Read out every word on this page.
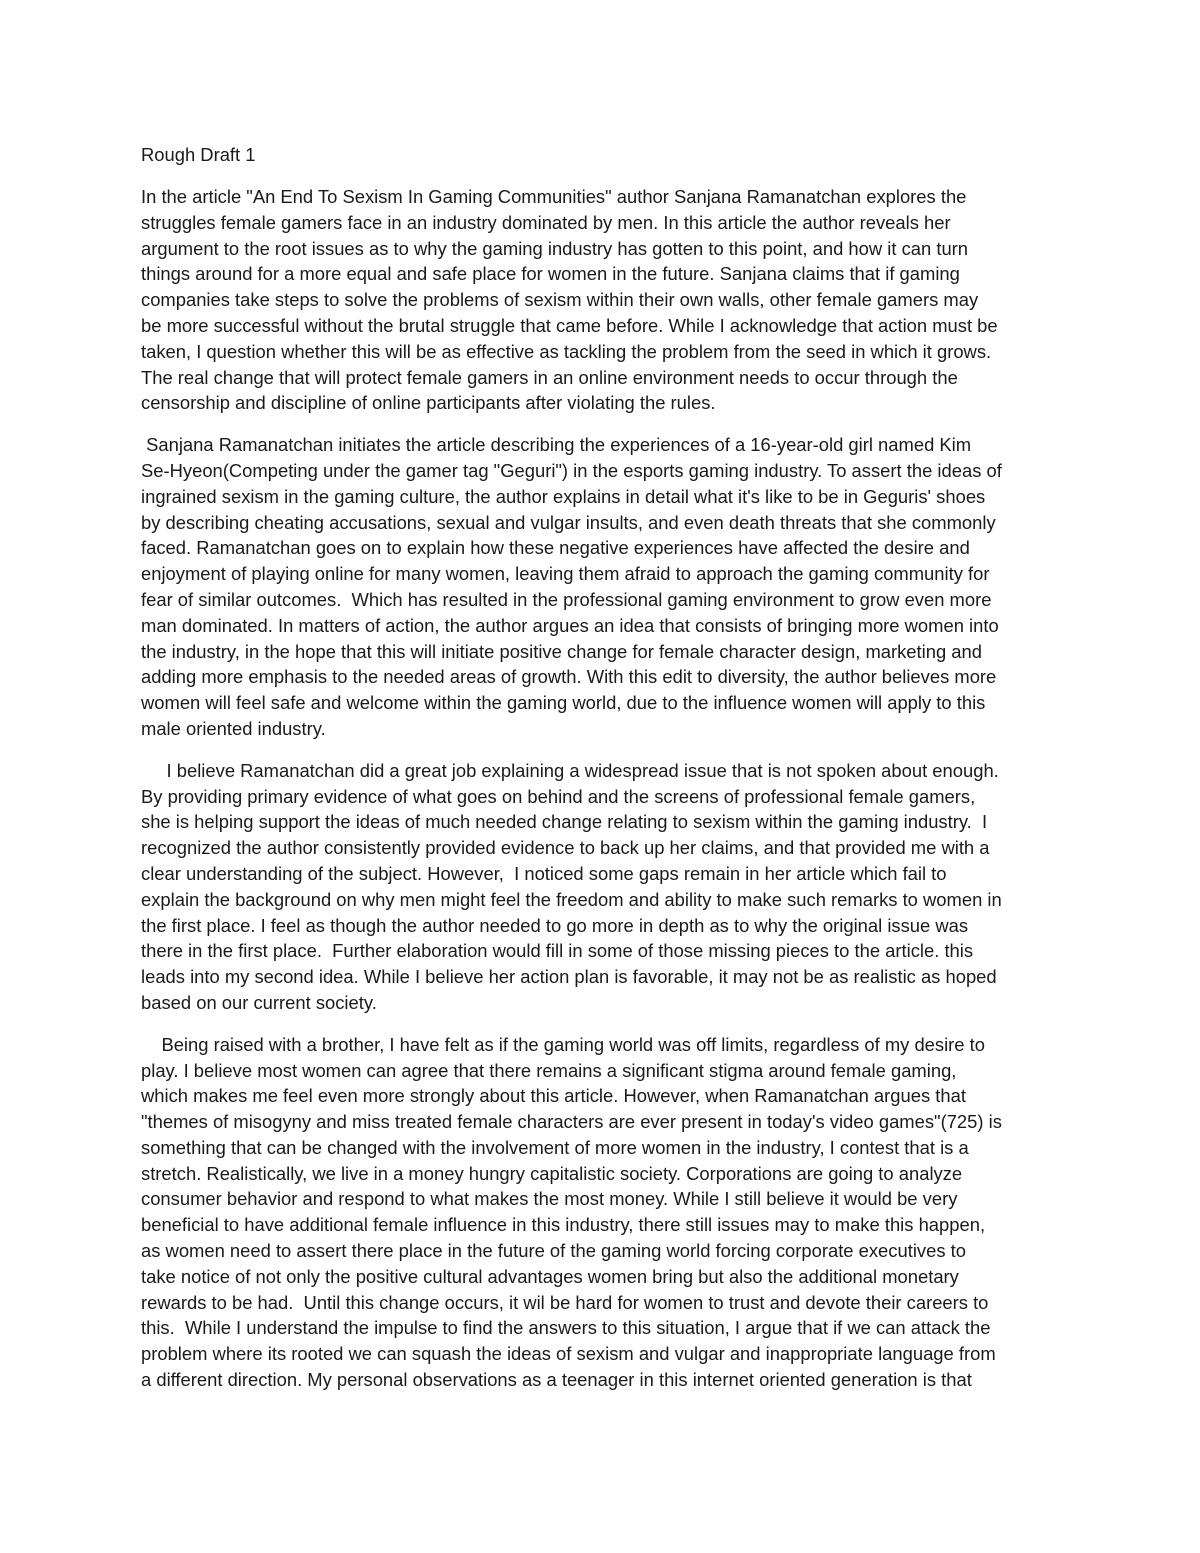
Rough Draft 1
In the article "An End To Sexism In Gaming Communities" author Sanjana Ramanatchan explores the
struggles female gamers face in an industry dominated by men. In this article the author reveals her
argument to the root issues as to why the gaming industry has gotten to this point, and how it can turn
things around for a more equal and safe place for women in the future. Sanjana claims that if gaming
companies take steps to solve the problems of sexism within their own walls, other female gamers may
be more successful without the brutal struggle that came before. While I acknowledge that action must be
taken, I question whether this will be as effective as tackling the problem from the seed in which it grows.
The real change that will protect female gamers in an online environment needs to occur through the
censorship and discipline of online participants after violating the rules.
Sanjana Ramanatchan initiates the article describing the experiences of a 16-year-old girl named Kim
Se-Hyeon(Competing under the gamer tag "Geguri") in the esports gaming industry. To assert the ideas of
ingrained sexism in the gaming culture, the author explains in detail what it's like to be in Geguris' shoes
by describing cheating accusations, sexual and vulgar insults, and even death threats that she commonly
faced. Ramanatchan goes on to explain how these negative experiences have affected the desire and
enjoyment of playing online for many women, leaving them afraid to approach the gaming community for
fear of similar outcomes.  Which has resulted in the professional gaming environment to grow even more
man dominated. In matters of action, the author argues an idea that consists of bringing more women into
the industry, in the hope that this will initiate positive change for female character design, marketing and
adding more emphasis to the needed areas of growth. With this edit to diversity, the author believes more
women will feel safe and welcome within the gaming world, due to the influence women will apply to this
male oriented industry.
I believe Ramanatchan did a great job explaining a widespread issue that is not spoken about enough.
By providing primary evidence of what goes on behind and the screens of professional female gamers,
she is helping support the ideas of much needed change relating to sexism within the gaming industry.  I
recognized the author consistently provided evidence to back up her claims, and that provided me with a
clear understanding of the subject. However,  I noticed some gaps remain in her article which fail to
explain the background on why men might feel the freedom and ability to make such remarks to women in
the first place. I feel as though the author needed to go more in depth as to why the original issue was
there in the first place.  Further elaboration would fill in some of those missing pieces to the article. this
leads into my second idea. While I believe her action plan is favorable, it may not be as realistic as hoped
based on our current society.
Being raised with a brother, I have felt as if the gaming world was off limits, regardless of my desire to
play. I believe most women can agree that there remains a significant stigma around female gaming,
which makes me feel even more strongly about this article. However, when Ramanatchan argues that
"themes of misogyny and miss treated female characters are ever present in today's video games"(725) is
something that can be changed with the involvement of more women in the industry, I contest that is a
stretch. Realistically, we live in a money hungry capitalistic society. Corporations are going to analyze
consumer behavior and respond to what makes the most money. While I still believe it would be very
beneficial to have additional female influence in this industry, there still issues may to make this happen,
as women need to assert there place in the future of the gaming world forcing corporate executives to
take notice of not only the positive cultural advantages women bring but also the additional monetary
rewards to be had.  Until this change occurs, it wil be hard for women to trust and devote their careers to
this.  While I understand the impulse to find the answers to this situation, I argue that if we can attack the
problem where its rooted we can squash the ideas of sexism and vulgar and inappropriate language from
a different direction. My personal observations as a teenager in this internet oriented generation is that
